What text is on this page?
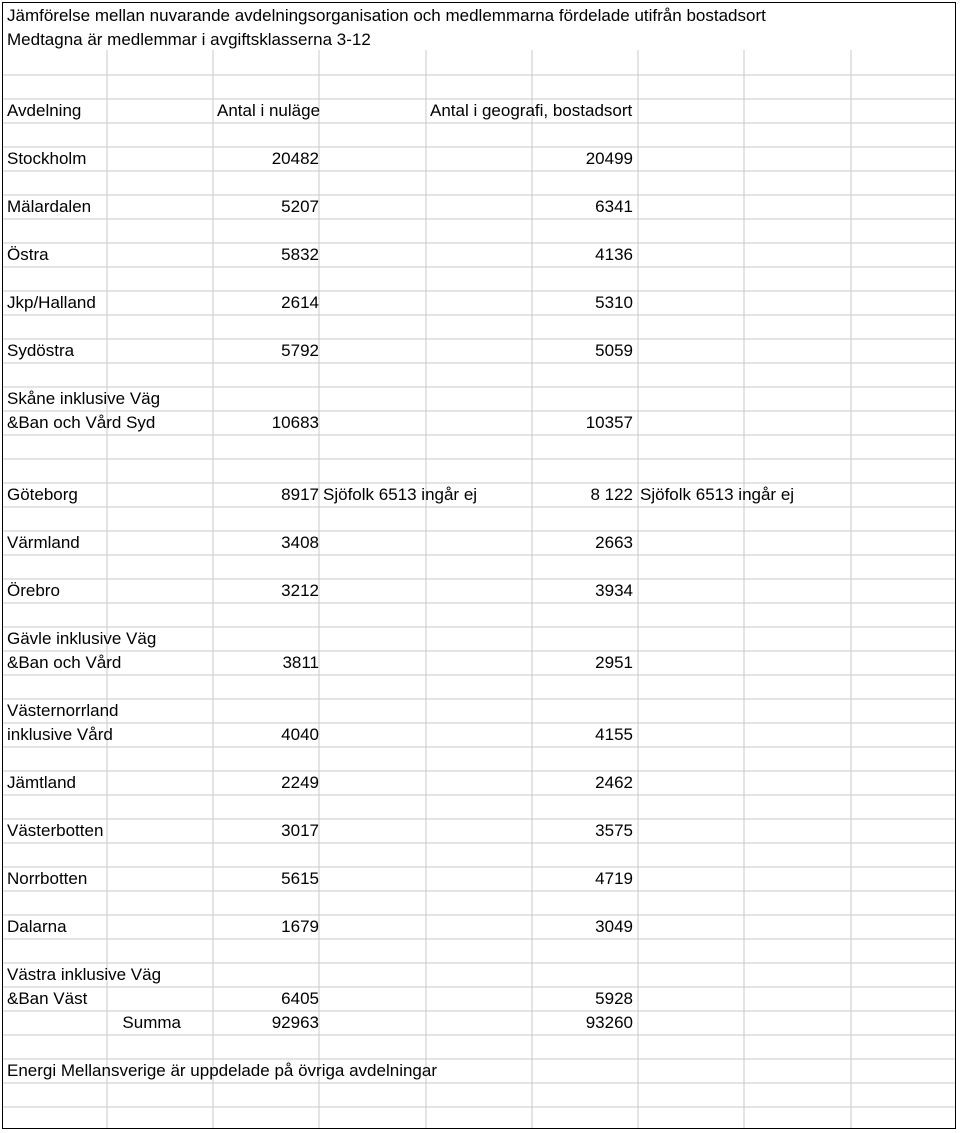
Jämförelse mellan nuvarande avdelningsorganisation och medlemmarna fördelade utifrån bostadsort
Medtagna är medlemmar i avgiftsklasserna 3-12
Avdelning	Antal i nuläge	Antal i geografi, bostadsort
Stockholm	20482	20499
Mälardalen	5207	6341
Östra	5832	4136
Jkp/Halland	2614	5310
Sydöstra	5792	5059
Skåne inklusive Väg
&Ban och Vård Syd	10683	10357
Göteborg	8917 Sjöfolk 6513 ingår ej	8 122 Sjöfolk 6513 ingår ej
Värmland	3408	2663
Örebro	3212	3934
Gävle inklusive Väg
&Ban och Vård	3811	2951
Västernorrland
inklusive Vård	4040	4155
Jämtland	2249	2462
Västerbotten	3017	3575
Norrbotten	5615	4719
Dalarna	1679	3049
Västra inklusive Väg
&Ban Väst	6405	5928
Summa	92963	93260
Energi Mellansverige är uppdelade på övriga avdelningar
